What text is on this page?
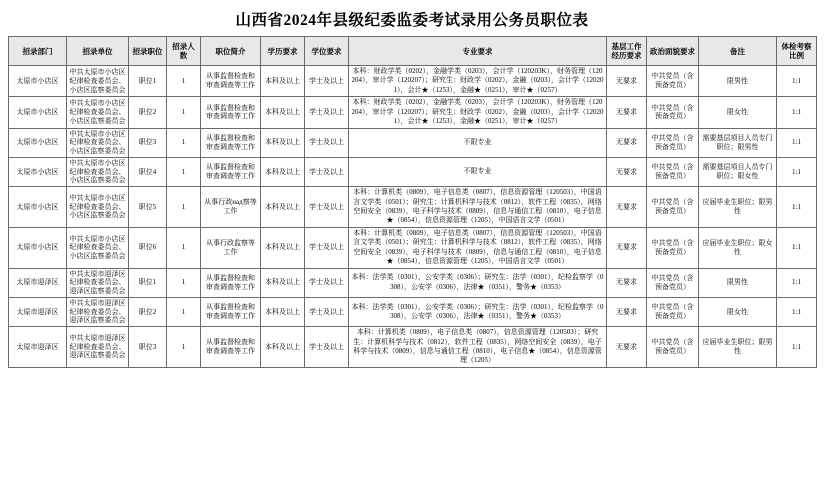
山西省2024年县级纪委监委考试录用公务员职位表
招录部门	招录单位	招录职位	招录人数	职位简介	学历要求	学位要求	专业要求	基层工作经历要求	政治面貌要求	备注	体检考察比例
太原市小店区	中共太原市小店区纪律检查委员会、小店区监察委员会	职位1	1	从事监督检查和审查调查等工作	本科及以上	学士及以上	本科：财政学类（0202），金融学类（0203），会计学（120203K），财务管理（120204），审计学（120207）；研究生：财政学（0202），金融（0203），会计学（120201），会计★（1253），金融★（0251），审计★（0257）	无要求	中共党员（含预备党员）	限男性	1:1
太原市小店区	中共太原市小店区纪律检查委员会、小店区监察委员会	职位2	1	从事监督检查和审查调查等工作	本科及以上	学士及以上	本科：财政学类（0202），金融学类（0203），会计学（120203K），财务管理（120204），审计学（120207）；研究生：财政学（0202），金融（0203），会计学（120201），会计★（1253），金融★（0251），审计★（0257）	无要求	中共党员（含预备党员）	限女性	1:1
太原市小店区	中共太原市小店区纪律检查委员会、小店区监察委员会	职位3	1	从事监督检查和审查调查等工作	本科及以上	学士及以上	不限专业	无要求	中共党员（含预备党员）	需要基层项目人员专门职位；限男性	1:1
太原市小店区	中共太原市小店区纪律检查委员会、小店区监察委员会	职位4	1	从事监督检查和审查调查等工作	本科及以上	学士及以上	不限专业	无要求	中共党员（含预备党员）	需要基层项目人员专门职位；限女性	1:1
太原市小店区	中共太原市小店区纪律检查委员会、小店区监察委员会	职位5	1	从事行政над察等工作	本科及以上	学士及以上	本科：计算机类（0809），电子信息类（0807），信息资源管理（120503），中国语言文学类（0501）；研究生：计算机科学与技术（0812），软件工程（0835），网络空间安全（0839），电子科学与技术（0809），信息与通信工程（0810），电子信息★（0854），信息资源管理（1205），中国语言文学（0501）	无要求	中共党员（含预备党员）	应届毕业生职位；限男性	1:1
太原市小店区	中共太原市小店区纪律检查委员会、小店区监察委员会	职位6	1	从事行政监察等工作	本科及以上	学士及以上	本科：计算机类（0809），电子信息类（0807），信息资源管理（120503），中国语言文学类（0501）；研究生：计算机科学与技术（0812），软件工程（0835），网络空间安全（0839），电子科学与技术（0809），信息与通信工程（0810），电子信息★（0854），信息资源管理（1205），中国语言文学（0501）	无要求	中共党员（含预备党员）	应届毕业生职位；限女性	1:1
太原市迎泽区	中共太原市迎泽区纪律检查委员会、迎泽区监察委员会	职位1	1	从事监督检查和审查调查等工作	本科及以上	学士及以上	本科：法学类（0301），公安学类（0306）；研究生：法学（0301），纪检监察学（0308），公安学（0306），法律★（0351），警务★（0353）	无要求	中共党员（含预备党员）	限男性	1:1
太原市迎泽区	中共太原市迎泽区纪律检查委员会、迎泽区监察委员会	职位2	1	从事监督检查和审查调查等工作	本科及以上	学士及以上	本科：法学类（0301），公安学类（0306）；研究生：法学（0301），纪检监察学（0308），公安学（0306），法律★（0351），警务★（0353）	无要求	中共党员（含预备党员）	限女性	1:1
太原市迎泽区	中共太原市迎泽区纪律检查委员会、迎泽区监察委员会	职位3	1	从事监督检查和审查调查等工作	本科及以上	学士及以上	本科：计算机类（0809），电子信息类（0807），信息资源管理（120503）；研究生：计算机科学与技术（0812），软件工程（0835），网络空间安全（0839），电子科学与技术（0809），信息与通信工程（0810），电子信息★（0854），信息资源管理（1205）	无要求	中共党员（含预备党员）	应届毕业生职位；限男性	1:1
